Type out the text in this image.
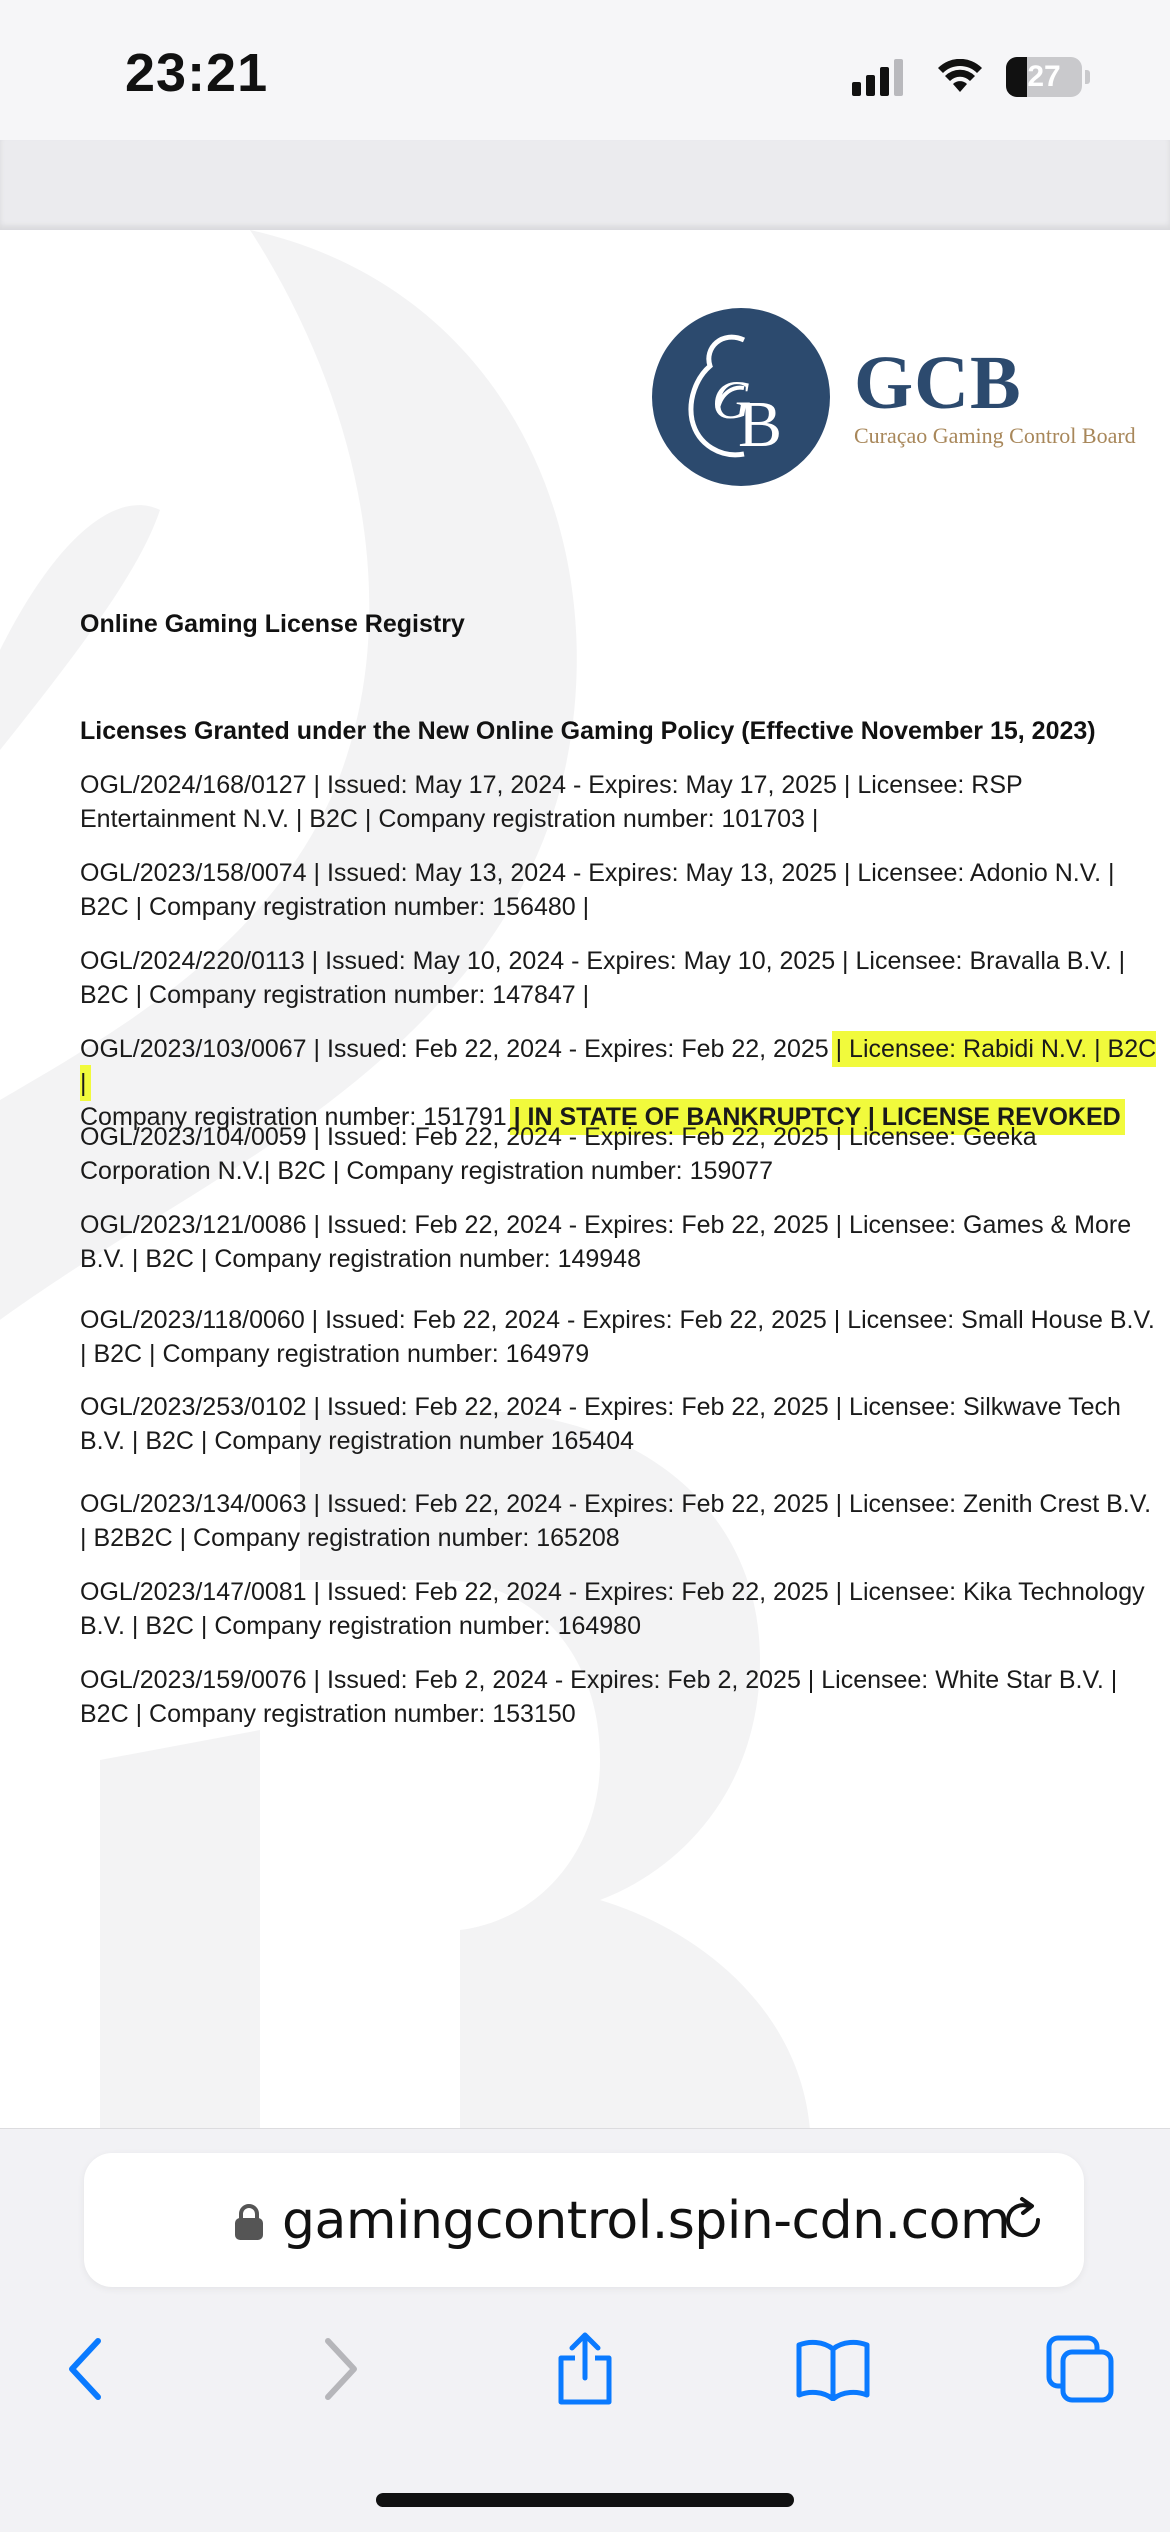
23:21	27
B
G GCB
Curaçao Gaming Control Board
Online Gaming License Registry
Licenses Granted under the New Online Gaming Policy (Effective November 15, 2023)
OGL/2024/168/0127 | Issued: May 17, 2024 - Expires: May 17, 2025 | Licensee: RSP Entertainment N.V. | B2C | Company registration number: 101703 |
OGL/2023/158/0074 | Issued: May 13, 2024 - Expires: May 13, 2025 | Licensee: Adonio N.V. | B2C | Company registration number: 156480 |
OGL/2024/220/0113 | Issued: May 10, 2024 - Expires: May 10, 2025 | Licensee: Bravalla B.V. | B2C | Company registration number: 147847 |
OGL/2023/103/0067 | Issued: Feb 22, 2024 - Expires: Feb 22, 2025 | Licensee: Rabidi N.V. | B2C |
Company registration number: 151791 | IN STATE OF BANKRUPTCY | LICENSE REVOKED
OGL/2023/104/0059 | Issued: Feb 22, 2024 - Expires: Feb 22, 2025 | Licensee: Geeka Corporation N.V.| B2C | Company registration number: 159077
OGL/2023/121/0086 | Issued: Feb 22, 2024 - Expires: Feb 22, 2025 | Licensee: Games & More B.V. | B2C | Company registration number: 149948
OGL/2023/118/0060 | Issued: Feb 22, 2024 - Expires: Feb 22, 2025 | Licensee: Small House B.V. | B2C | Company registration number: 164979
OGL/2023/253/0102 | Issued: Feb 22, 2024 - Expires: Feb 22, 2025 | Licensee: Silkwave Tech B.V. | B2C | Company registration number 165404
OGL/2023/134/0063 | Issued: Feb 22, 2024 - Expires: Feb 22, 2025 | Licensee: Zenith Crest B.V. | B2B2C | Company registration number: 165208
OGL/2023/147/0081 | Issued: Feb 22, 2024 - Expires: Feb 22, 2025 | Licensee: Kika Technology B.V. | B2C | Company registration number: 164980
OGL/2023/159/0076 | Issued: Feb 2, 2024 - Expires: Feb 2, 2025 | Licensee: White Star B.V. | B2C | Company registration number: 153150
gamingcontrol.spin-cdn.com
